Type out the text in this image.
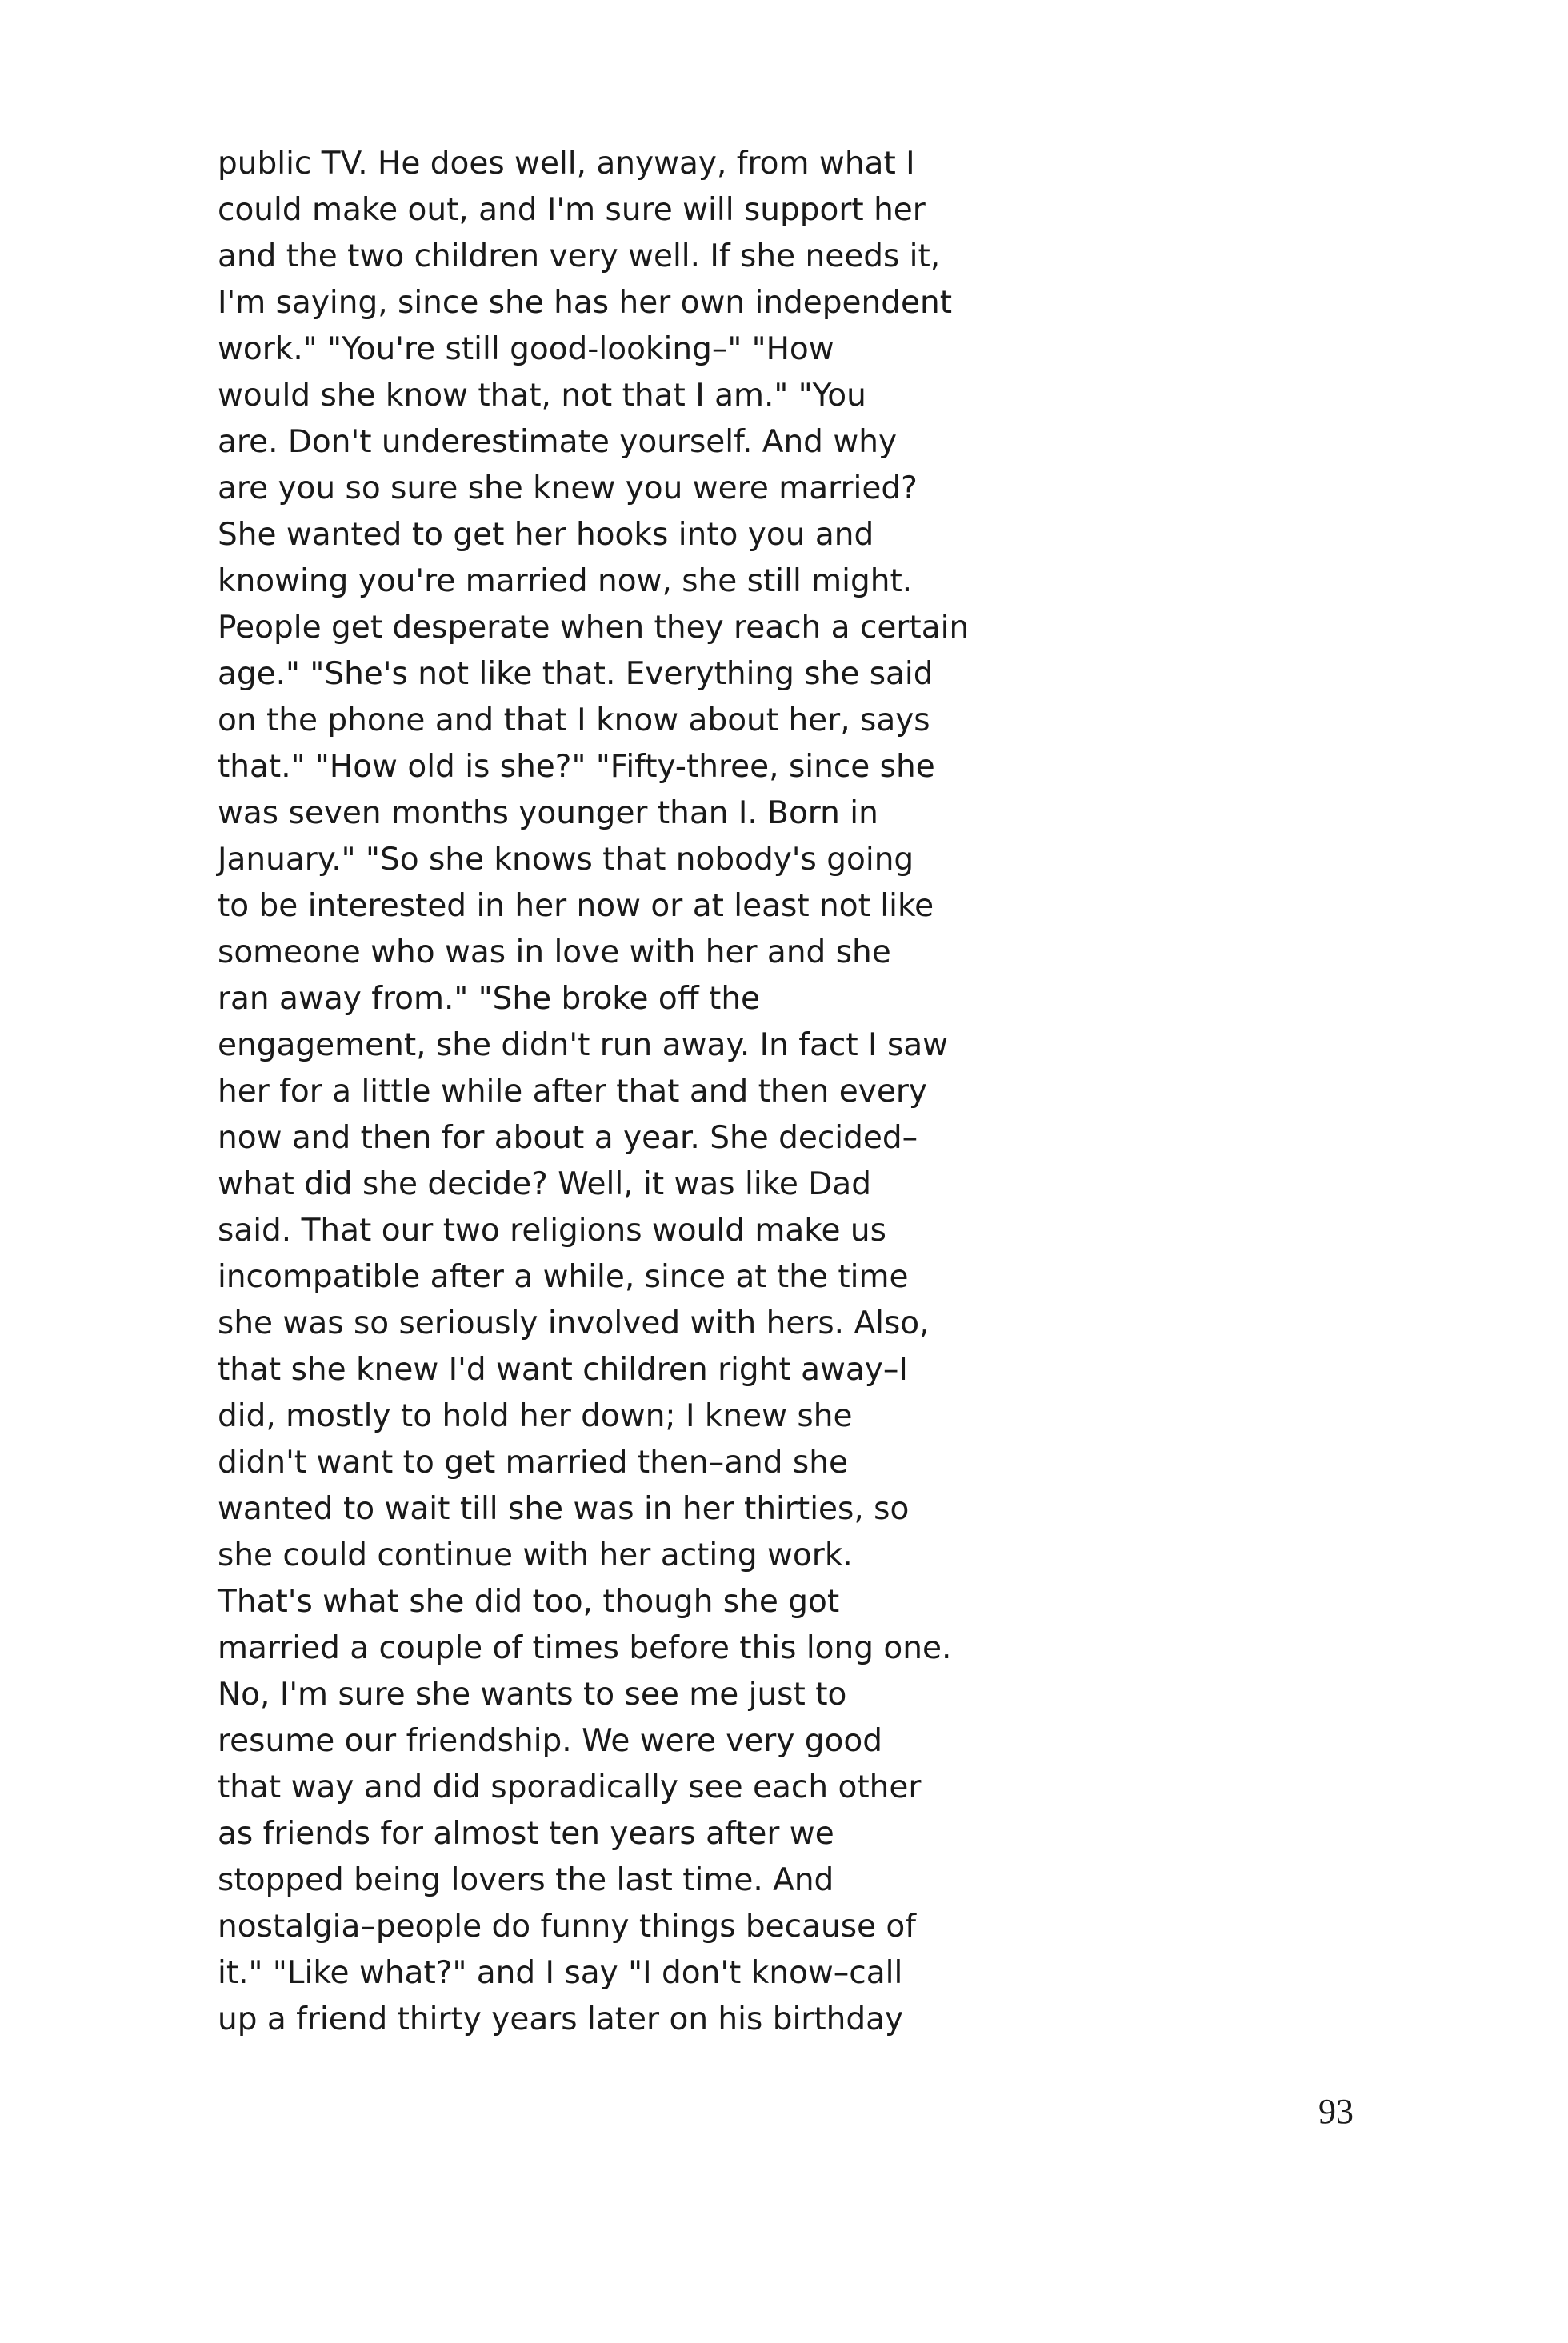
public TV. He does well, anyway, from what I
could make out, and I'm sure will support her
and the two children very well. If she needs it,
I'm saying, since she has her own independent
work." "You're still good-looking–" "How
would she know that, not that I am." "You
are. Don't underestimate yourself. And why
are you so sure she knew you were married?
She wanted to get her hooks into you and
knowing you're married now, she still might.
People get desperate when they reach a certain
age." "She's not like that. Everything she said
on the phone and that I know about her, says
that." "How old is she?" "Fifty-three, since she
was seven months younger than I. Born in
January." "So she knows that nobody's going
to be interested in her now or at least not like
someone who was in love with her and she
ran away from." "She broke off the
engagement, she didn't run away. In fact I saw
her for a little while after that and then every
now and then for about a year. She decided–
what did she decide? Well, it was like Dad
said. That our two religions would make us
incompatible after a while, since at the time
she was so seriously involved with hers. Also,
that she knew I'd want children right away–I
did, mostly to hold her down; I knew she
didn't want to get married then–and she
wanted to wait till she was in her thirties, so
she could continue with her acting work.
That's what she did too, though she got
married a couple of times before this long one.
No, I'm sure she wants to see me just to
resume our friendship. We were very good
that way and did sporadically see each other
as friends for almost ten years after we
stopped being lovers the last time. And
nostalgia–people do funny things because of
it." "Like what?" and I say "I don't know–call
up a friend thirty years later on his birthday
93
